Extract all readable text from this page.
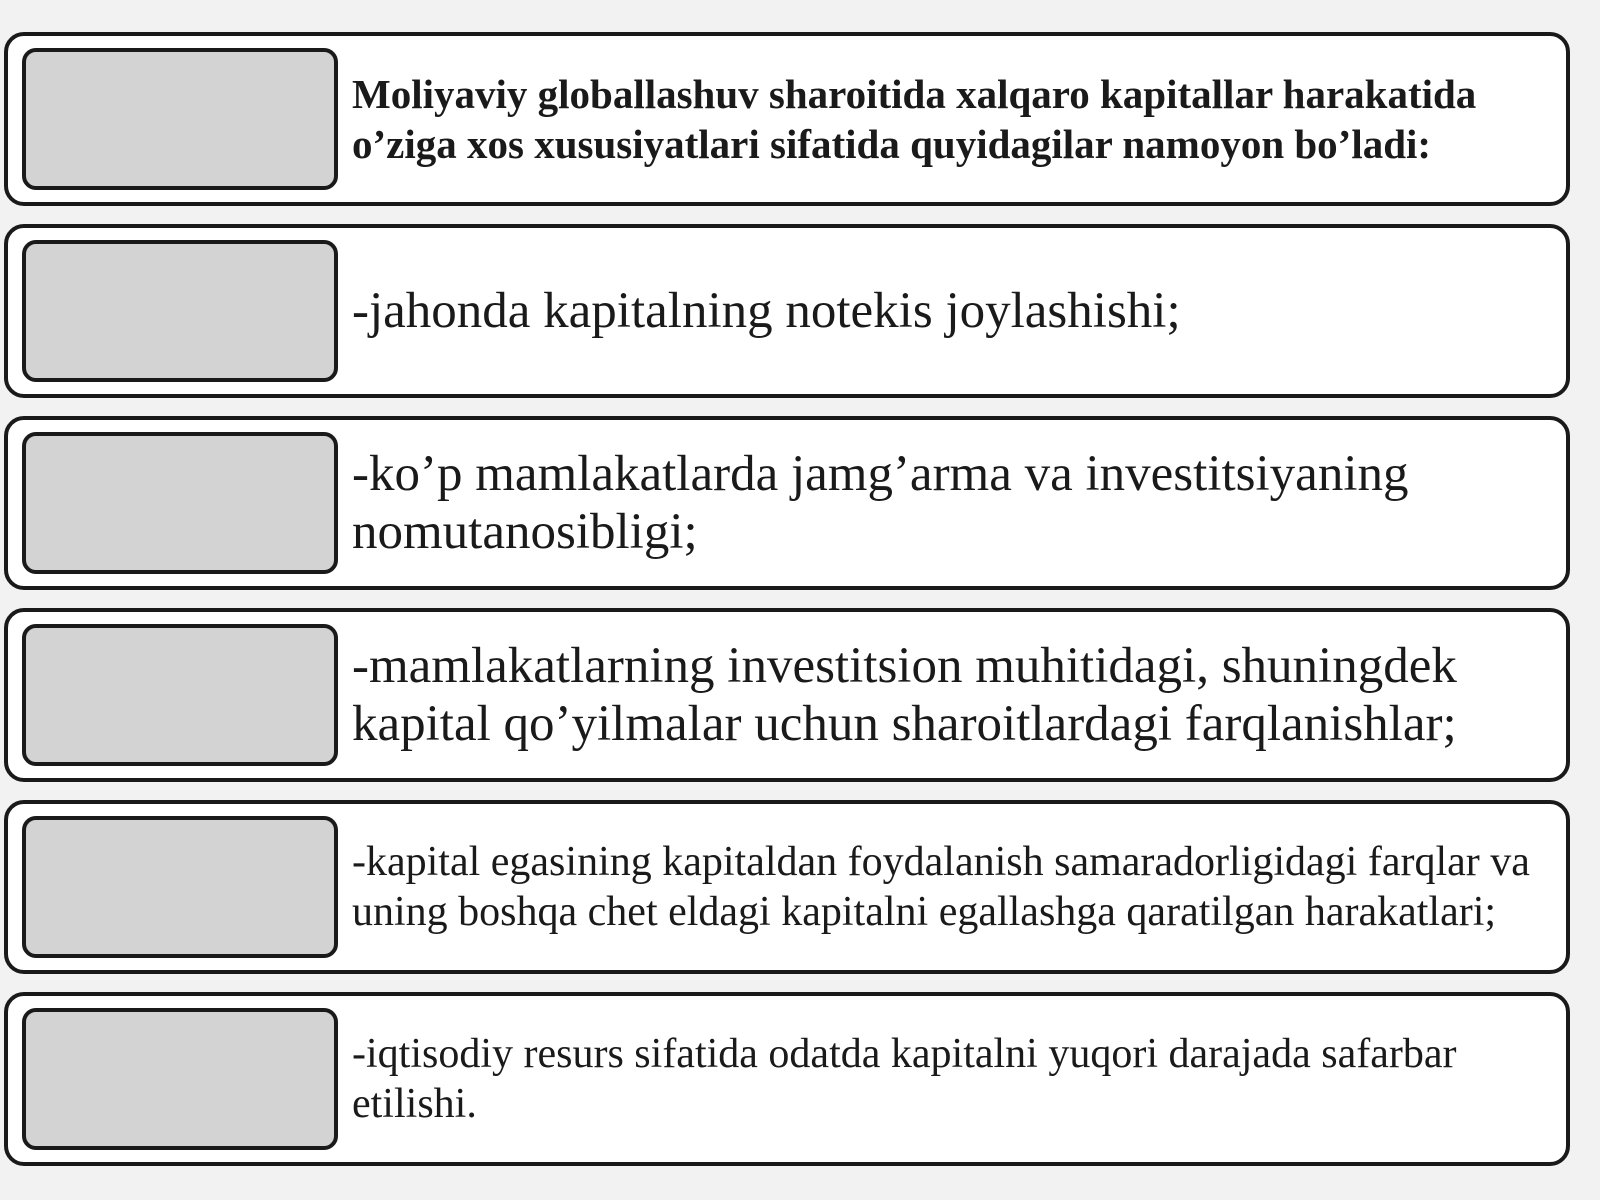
Moliyaviy globallashuv sharoitida xalqaro kapitallar harakatida o’ziga xos xususiyatlari sifatida quyidagilar namoyon bo’ladi:
-jahonda kapitalning notekis joylashishi;
-ko’p mamlakatlarda jamg’arma va investitsiyaning nomutanosibligi;
-mamlakatlarning investitsion muhitidagi, shuningdek kapital qo’yilmalar uchun sharoitlardagi farqlanishlar;
-kapital egasining kapitaldan foydalanish samaradorligidagi farqlar va uning boshqa chet eldagi kapitalni egallashga qaratilgan harakatlari;
-iqtisodiy resurs sifatida odatda kapitalni yuqori darajada safarbar etilishi.
